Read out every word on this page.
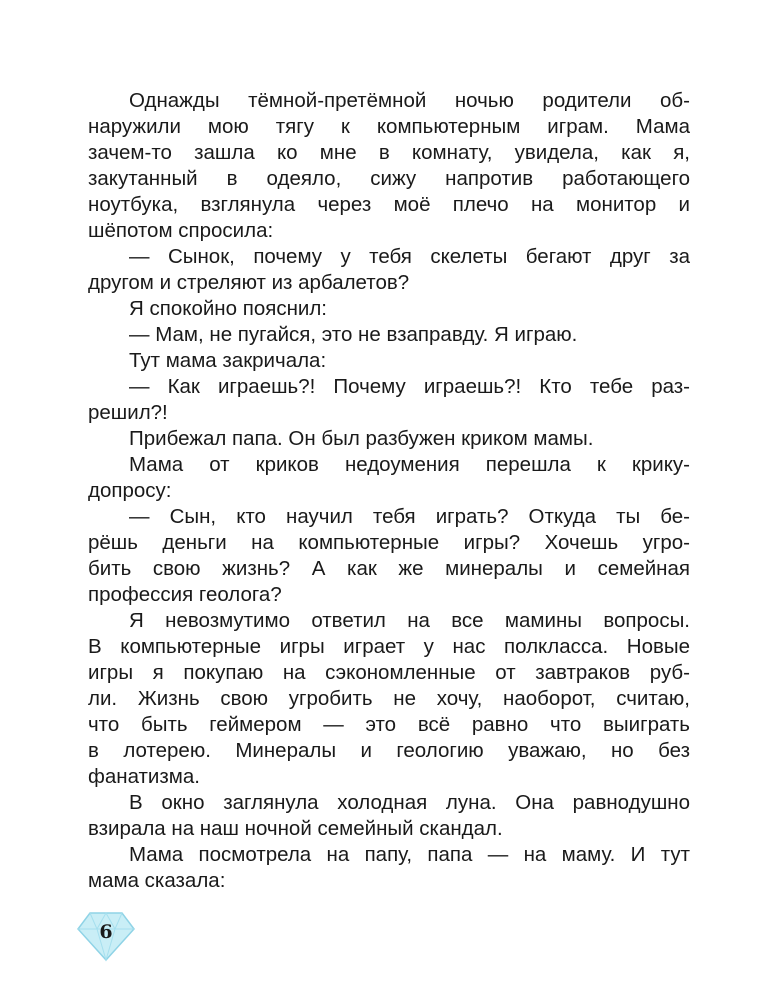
Однажды тёмной-претёмной ночью родители об-
наружили мою тягу к компьютерным играм. Мама
зачем-то зашла ко мне в комнату, увидела, как я,
закутанный в одеяло, сижу напротив работающего
ноутбука, взглянула через моё плечо на монитор и
шёпотом спросила:
— Сынок, почему у тебя скелеты бегают друг за
другом и стреляют из арбалетов?
Я спокойно пояснил:
— Мам, не пугайся, это не взаправду. Я играю.
Тут мама закричала:
— Как играешь?! Почему играешь?! Кто тебе раз-
решил?!
Прибежал папа. Он был разбужен криком мамы.
Мама от криков недоумения перешла к крику-
допросу:
— Сын, кто научил тебя играть? Откуда ты бе-
рёшь деньги на компьютерные игры? Хочешь угро-
бить свою жизнь? А как же минералы и семейная
профессия геолога?
Я невозмутимо ответил на все мамины вопросы.
В компьютерные игры играет у нас полкласса. Новые
игры я покупаю на сэкономленные от завтраков руб-
ли. Жизнь свою угробить не хочу, наоборот, считаю,
что быть геймером — это всё равно что выиграть
в лотерею. Минералы и геологию уважаю, но без
фанатизма.
В окно заглянула холодная луна. Она равнодушно
взирала на наш ночной семейный скандал.
Мама посмотрела на папу, папа — на маму. И тут
мама сказала:
6
